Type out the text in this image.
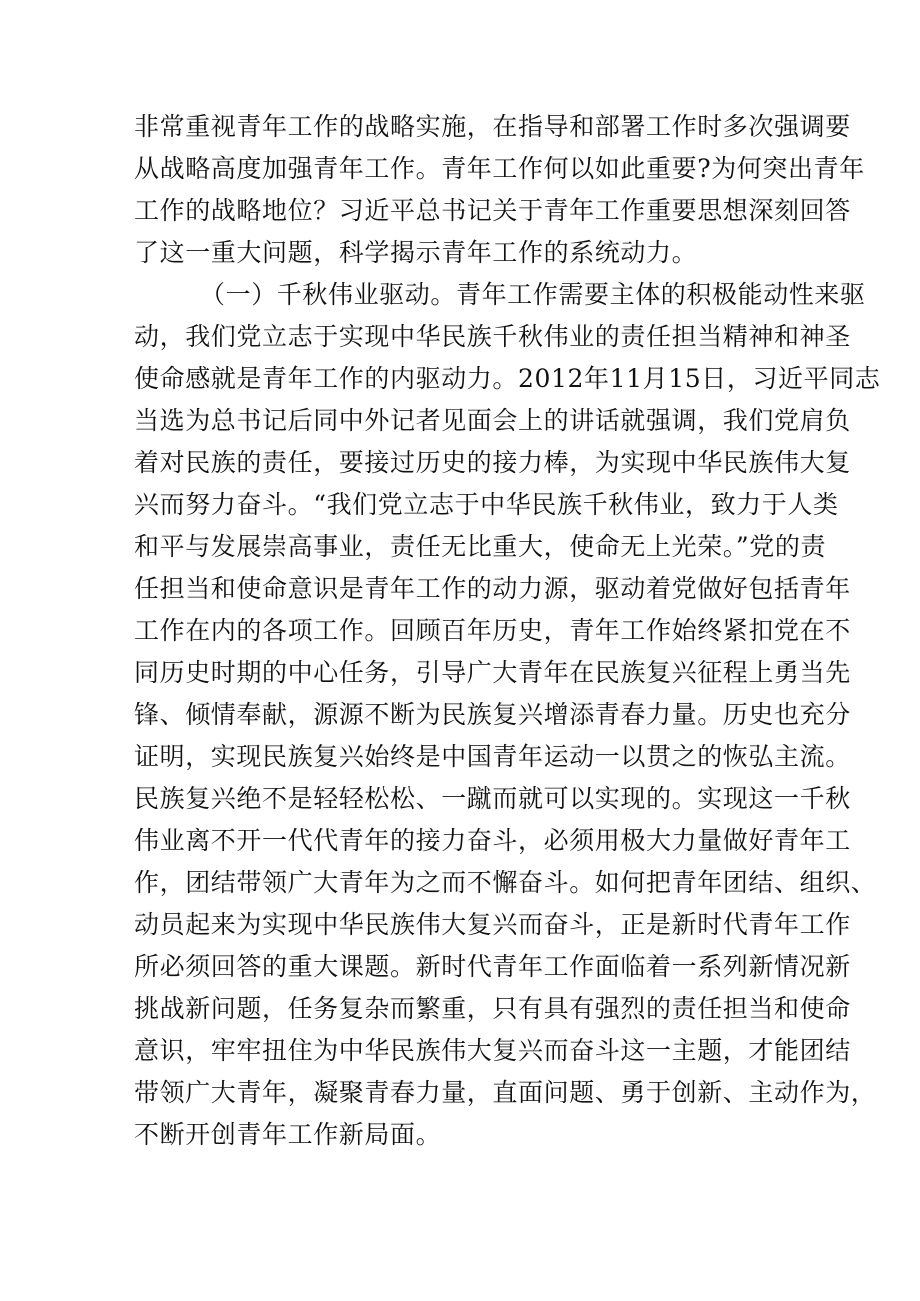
非常重视青年工作的战略实施，在指导和部署工作时多次强调要
从战略高度加强青年工作。青年工作何以如此重要?为何突出青年
工作的战略地位？习近平总书记关于青年工作重要思想深刻回答
了这一重大问题，科学揭示青年工作的系统动力。
（一）千秋伟业驱动。青年工作需要主体的积极能动性来驱
动，我们党立志于实现中华民族千秋伟业的责任担当精神和神圣
使命感就是青年工作的内驱动力。2012年11月15日，习近平同志
当选为总书记后同中外记者见面会上的讲话就强调，我们党肩负
着对民族的责任，要接过历史的接力棒，为实现中华民族伟大复
兴而努力奋斗。“我们党立志于中华民族千秋伟业，致力于人类
和平与发展崇高事业，责任无比重大，使命无上光荣。”党的责
任担当和使命意识是青年工作的动力源，驱动着党做好包括青年
工作在内的各项工作。回顾百年历史，青年工作始终紧扣党在不
同历史时期的中心任务，引导广大青年在民族复兴征程上勇当先
锋、倾情奉献，源源不断为民族复兴增添青春力量。历史也充分
证明，实现民族复兴始终是中国青年运动一以贯之的恢弘主流。
民族复兴绝不是轻轻松松、一蹴而就可以实现的。实现这一千秋
伟业离不开一代代青年的接力奋斗，必须用极大力量做好青年工
作，团结带领广大青年为之而不懈奋斗。如何把青年团结、组织、
动员起来为实现中华民族伟大复兴而奋斗，正是新时代青年工作
所必须回答的重大课题。新时代青年工作面临着一系列新情况新
挑战新问题，任务复杂而繁重，只有具有强烈的责任担当和使命
意识，牢牢扭住为中华民族伟大复兴而奋斗这一主题，才能团结
带领广大青年，凝聚青春力量，直面问题、勇于创新、主动作为，
不断开创青年工作新局面。
